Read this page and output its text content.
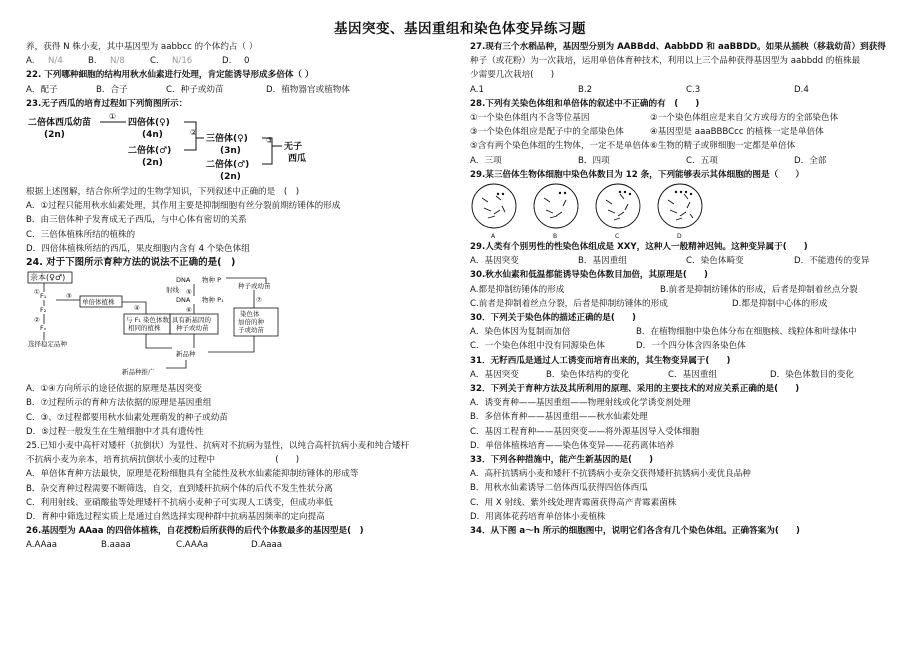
基因突变、基因重组和染色体变异练习题
养，获得 N 株小麦，其中基因型为 aabbcc 的个体约占（ ）
A.	N/4	B.	N/8	C.	N/16	D.	0
22. 下列哪种細胞的结构用秋水仙素进行处理，肯定能诱导形成多倍体（ ）
A．配子	B．合子	C．种子或幼苗	D．植物器官或植物体
23.无子西瓜的培育过程如下列简图所示：
二倍体西瓜幼苗
(2n)
四倍体(♀)
(4n)
二倍体(♂)
(2n)
三倍体(♀)
(3n)
二倍体(♂)
(2n)
无子
西瓜
①
②
③
根据上述图解，结合你所学过的生物学知识，下列叙述中正确的是　(　)
A．①过程只能用秋水仙素处理，其作用主要是抑制细胞有丝分裂前期纺锤体的形成
B．由三倍体种子发育成无子西瓜，与中心体有密切的关系
C．三倍体植株所结的植株的
D．四倍体植株所结的西瓜，果皮细胞内含有 4 个染色体组
24. 对于下图所示育种方法的说法不正确的是(　)
亲本(♀♂)
F₁
F₂
Fₙ
选择稳定品种
单倍体植株
与 F₁ 染色体数
相同的植株
DNA 物种 P
射线
DNA 物种 P₁
种子或幼苗
具有新基因的
种子或幼苗
染色体
加倍的种
子或幼苗
新品种
新品种推广
①
②
③
④
⑤
⑥
⑦
A．①④方向所示的途径依据的原理是基因突变
B．⑦过程所示的育种方法依据的原理是基因重组
C．③、⑦过程都要用秋水仙素处理萌发的种子或幼苗
D．⑤过程一般发生在生殖细胞中才具有遗传性
25.已知小麦中高杆对矮杆（抗倒状）为显性、抗病对不抗病为显性，以纯合高杆抗病小麦和纯合矮杆
不抗病小麦为亲本，培育抗病抗倒状小麦的过程中　　　　　　　(　　)
A．单倍体育种方法最快，原理是花粉细胞具有全能性及秋水仙素能抑制纺锤体的形成等
B．杂交育种过程需要不断筛选，自交，直到矮杆抗病个体的后代不发生性状分离
C．利用射线、亚硝酸盐等处理矮杆不抗病小麦种子可实现人工诱变，但成功率低
D．育种中筛选过程实质上是通过自然选择实现种群中抗病基因频率的定向提高
26.基因型为 AAaa 的四倍体植株，自花授粉后所获得的后代个体数最多的基因型是(　)
A.AAaa	B.aaaa	C.AAAa	D.Aaaa
27.现有三个水稻品种，基因型分别为 AABBdd、AabbDD 和 aaBBDD。如果从插秧（移栽幼苗）到获得
种子（或花粉）为一次栽培，运用单倍体育种技术，利用以上三个品种获得基因型为 aabbdd 的植株最
少需要几次栽培(　　)
A.1	B.2	C.3	D.4
28.下列有关染色体组和单倍体的叙述中不正确的有　(　　)
①一个染色体组内不含等位基因	②一个染色体组应是来自父方或母方的全部染色体
③一个染色体组应是配子中的全部染色体	④基因型是 aaaBBBCcc 的植株一定是单倍体
⑤含有两个染色体组的生物体，一定不是单倍体 ⑥生物的精子或卵细胞一定都是单倍体
A．三项	B．四项	C．五项	D．全部
29.某三倍体生物体细胞中染色体数目为 12 条，下列能够表示其体细胞的图是（　　）
A	B	C	D
29.人类有个别男性的性染色体组成是 XXY，这种人一般精神迟钝。这种变异属于(　　)
A．基因突变	B．基因重组	C．染色体畸变	D．不能遗传的变异
30.秋水仙素和低温都能诱导染色体数目加倍，其原理是(　　)
A.都是抑制纺锤体的形成	B.前者是抑制纺锤体的形成，后者是抑制着丝点分裂
C.前者是抑制着丝点分裂，后者是抑制纺锤体的形成	D.都是抑制中心体的形成
30．下列关于染色体的描述正确的是(　　)
A．染色体因为复制而加倍	B．在植物细胞中染色体分布在细胞核、线粒体和叶绿体中
C．一个染色体组中没有同源染色体	D．一个四分体含四条染色体
31．无籽西瓜是通过人工诱变而培育出来的，其生物变异属于(　　)
A．基因突变	B．染色体结构的变化	C．基因重组	D．染色体数目的变化
32．下列关于育种方法及其所利用的原理、采用的主要技术的对应关系正确的是(　　)
A．诱变育种——基因重组——物理射线或化学诱变剂处理
B．多倍体育种——基因重组——秋水仙素处理
C．基因工程育种——基因突变——将外源基因导入受体细胞
D．单倍体植株培育——染色体变异——花药离体培养
33．下列各种措施中，能产生新基因的是(　　)
A．高秆抗锈病小麦和矮秆不抗锈病小麦杂交获得矮秆抗锈病小麦优良品种
B．用秋水仙素诱导二倍体西瓜获得四倍体西瓜
C．用 X 射线、紫外线处理青霉菌获得高产青霉素菌株
D．用离体花药培育单倍体小麦植株
34．从下图 a～h 所示的细胞图中，说明它们各含有几个染色体组。正确答案为(　　)
